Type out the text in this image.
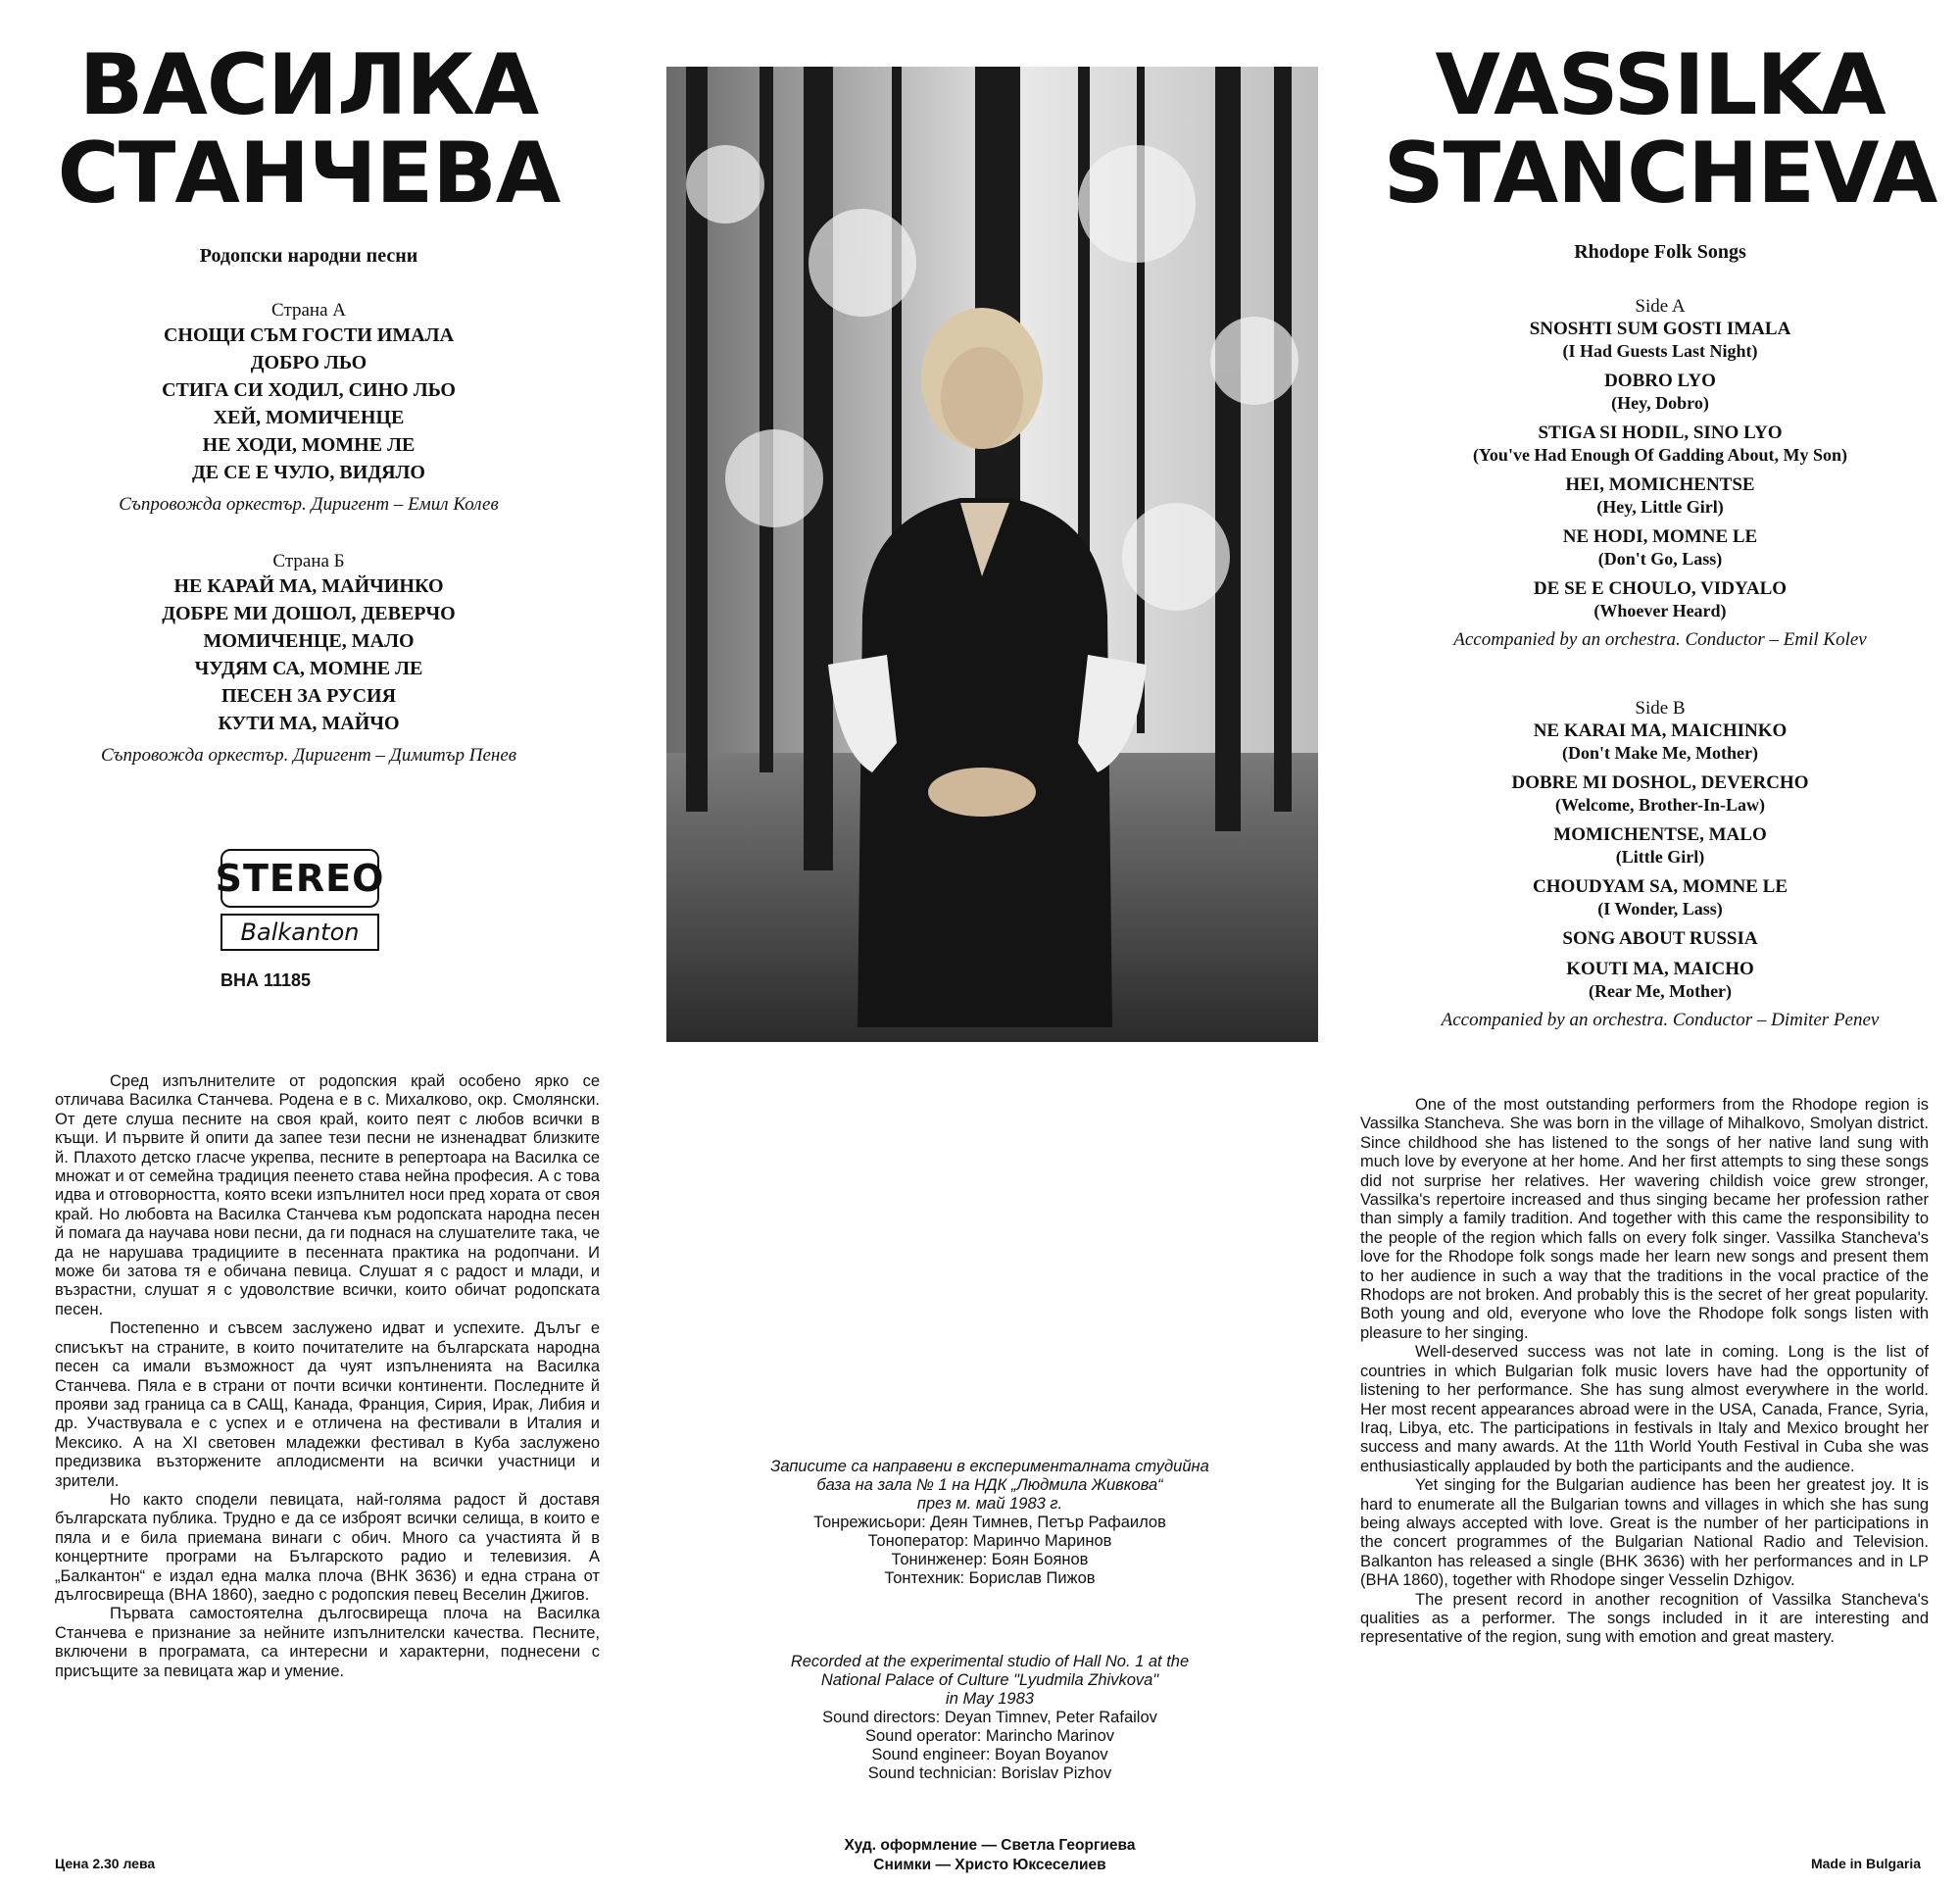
ВАСИЛКА
СТАНЧЕВА
Родопски народни песни

Страна А

СНОЩИ СЪМ ГОСТИ ИМАЛА

ДОБРО ЛЬО

СТИГА СИ ХОДИЛ, СИНО ЛЬО

ХЕЙ, МОМИЧЕНЦЕ

НЕ ХОДИ, МОМНЕ ЛЕ

ДЕ СЕ Е ЧУЛО, ВИДЯЛО

Съпровожда оркестър. Диригент – Емил Колев

Страна Б

НЕ КАРАЙ МА, МАЙЧИНКО

ДОБРЕ МИ ДОШОЛ, ДЕВЕРЧО

МОМИЧЕНЦЕ, МАЛО

ЧУДЯМ СА, МОМНЕ ЛЕ

ПЕСЕН ЗА РУСИЯ

КУТИ МА, МАЙЧО

Съпровожда оркестър. Диригент – Димитър Пенев
STEREO
Balkanton
ВНА 11185

Сред изпълнителите от родопския край особено ярко се отличава Василка Станчева. Родена е в с. Михалково, окр. Смолянски. От дете слуша песните на своя край, които пеят с любов всички в къщи. И първите й опити да запее тези песни не изненадват близките й. Плахото детско гласче укрепва, песните в репертоара на Василка се множат и от семейна традиция пеенето става нейна професия. А с това идва и отговорността, която всеки изпълнител носи пред хората от своя край. Но любовта на Василка Станчева към родопската народна песен й помага да научава нови песни, да ги поднася на слушателите така, че да не нарушава традициите в песенната практика на родопчани. И може би затова тя е обичана певица. Слушат я с радост и млади, и възрастни, слушат я с удоволствие всички, които обичат родопската песен.

Постепенно и съвсем заслужено идват и успехите. Дълъг е списъкът на страните, в които почитателите на българската народна песен са имали възможност да чуят изпълненията на Василка Станчева. Пяла е в страни от почти всички континенти. Последните й прояви зад граница са в САЩ, Канада, Франция, Сирия, Ирак, Либия и др. Участвувала е с успех и е отличена на фестивали в Италия и Мексико. А на XI световен младежки фестивал в Куба заслужено предизвика възторжените аплодисменти на всички участници и зрители.

Но както сподели певицата, най-голяма радост й доставя българската публика. Трудно е да се изброят всички селища, в които е пяла и е била приемана винаги с обич. Много са участията й в концертните програми на Българското радио и телевизия. А „Балкантон“ е издал една малка плоча (ВНК 3636) и една страна от дългосвиреща (ВНА 1860), заедно с родопския певец Веселин Джигов.

Първата самостоятелна дългосвиреща плоча на Василка Станчева е признание за нейните изпълнителски качества. Песните, включени в програмата, са интересни и характерни, поднесени с присъщите за певицата жар и умение.

Цена 2.30 лева
Записите са направени в експерименталната студийна
база на зала № 1 на НДК „Людмила Живкова“
през м. май 1983 г.
Тонрежисьори: Деян Тимнев, Петър Рафаилов
Тоноператор: Маринчо Маринов
Тонинженер: Боян Боянов
Тонтехник: Борислав Пижов
Recorded at the experimental studio of Hall No. 1 at the
National Palace of Culture "Lyudmila Zhivkova"
in May 1983
Sound directors: Deyan Timnev, Peter Rafailov
Sound operator: Marincho Marinov
Sound engineer: Boyan Boyanov
Sound technician: Borislav Pizhov
Худ. оформление — Светла Георгиева
Снимки — Христо Юксеселиев
VASSILKA
STANCHEVA
Rhodope Folk Songs

Side A

SNOSHTI SUM GOSTI IMALA

(I Had Guests Last Night)

DOBRO LYO

(Hey, Dobro)

STIGA SI HODIL, SINO LYO

(You've Had Enough Of Gadding About, My Son)

HEI, MOMICHENTSE

(Hey, Little Girl)

NE HODI, MOMNE LE

(Don't Go, Lass)

DE SE E CHOULO, VIDYALO

(Whoever Heard)

Accompanied by an orchestra. Conductor – Emil Kolev

Side B

NE KARAI MA, MAICHINKO

(Don't Make Me, Mother)

DOBRE MI DOSHOL, DEVERCHO

(Welcome, Brother-In-Law)

MOMICHENTSE, MALO

(Little Girl)

CHOUDYAM SA, MOMNE LE

(I Wonder, Lass)

SONG ABOUT RUSSIA

KOUTI MA, MAICHO

(Rear Me, Mother)

Accompanied by an orchestra. Conductor – Dimiter Penev

One of the most outstanding performers from the Rhodope region is Vassilka Stancheva. She was born in the village of Mihalkovo, Smolyan district. Since childhood she has listened to the songs of her native land sung with much love by everyone at her home. And her first attempts to sing these songs did not surprise her relatives. Her wavering childish voice grew stronger, Vassilka's repertoire increased and thus singing became her profession rather than simply a family tradition. And together with this came the responsibility to the people of the region which falls on every folk singer. Vassilka Stancheva's love for the Rhodope folk songs made her learn new songs and present them to her audience in such a way that the traditions in the vocal practice of the Rhodops are not broken. And probably this is the secret of her great popularity. Both young and old, everyone who love the Rhodope folk songs listen with pleasure to her singing.

Well-deserved success was not late in coming. Long is the list of countries in which Bulgarian folk music lovers have had the opportunity of listening to her performance. She has sung almost everywhere in the world. Her most recent appearances abroad were in the USA, Canada, France, Syria, Iraq, Libya, etc. The participations in festivals in Italy and Mexico brought her success and many awards. At the 11th World Youth Festival in Cuba she was enthusiastically applauded by both the participants and the audience.

Yet singing for the Bulgarian audience has been her greatest joy. It is hard to enumerate all the Bulgarian towns and villages in which she has sung being always accepted with love. Great is the number of her participations in the concert programmes of the Bulgarian National Radio and Television. Balkanton has released a single (BHK 3636) with her performances and in LP (BHA 1860), together with Rhodope singer Vesselin Dzhigov.

The present record in another recognition of Vassilka Stancheva's qualities as a performer. The songs included in it are interesting and representative of the region, sung with emotion and great mastery.

Made in Bulgaria
